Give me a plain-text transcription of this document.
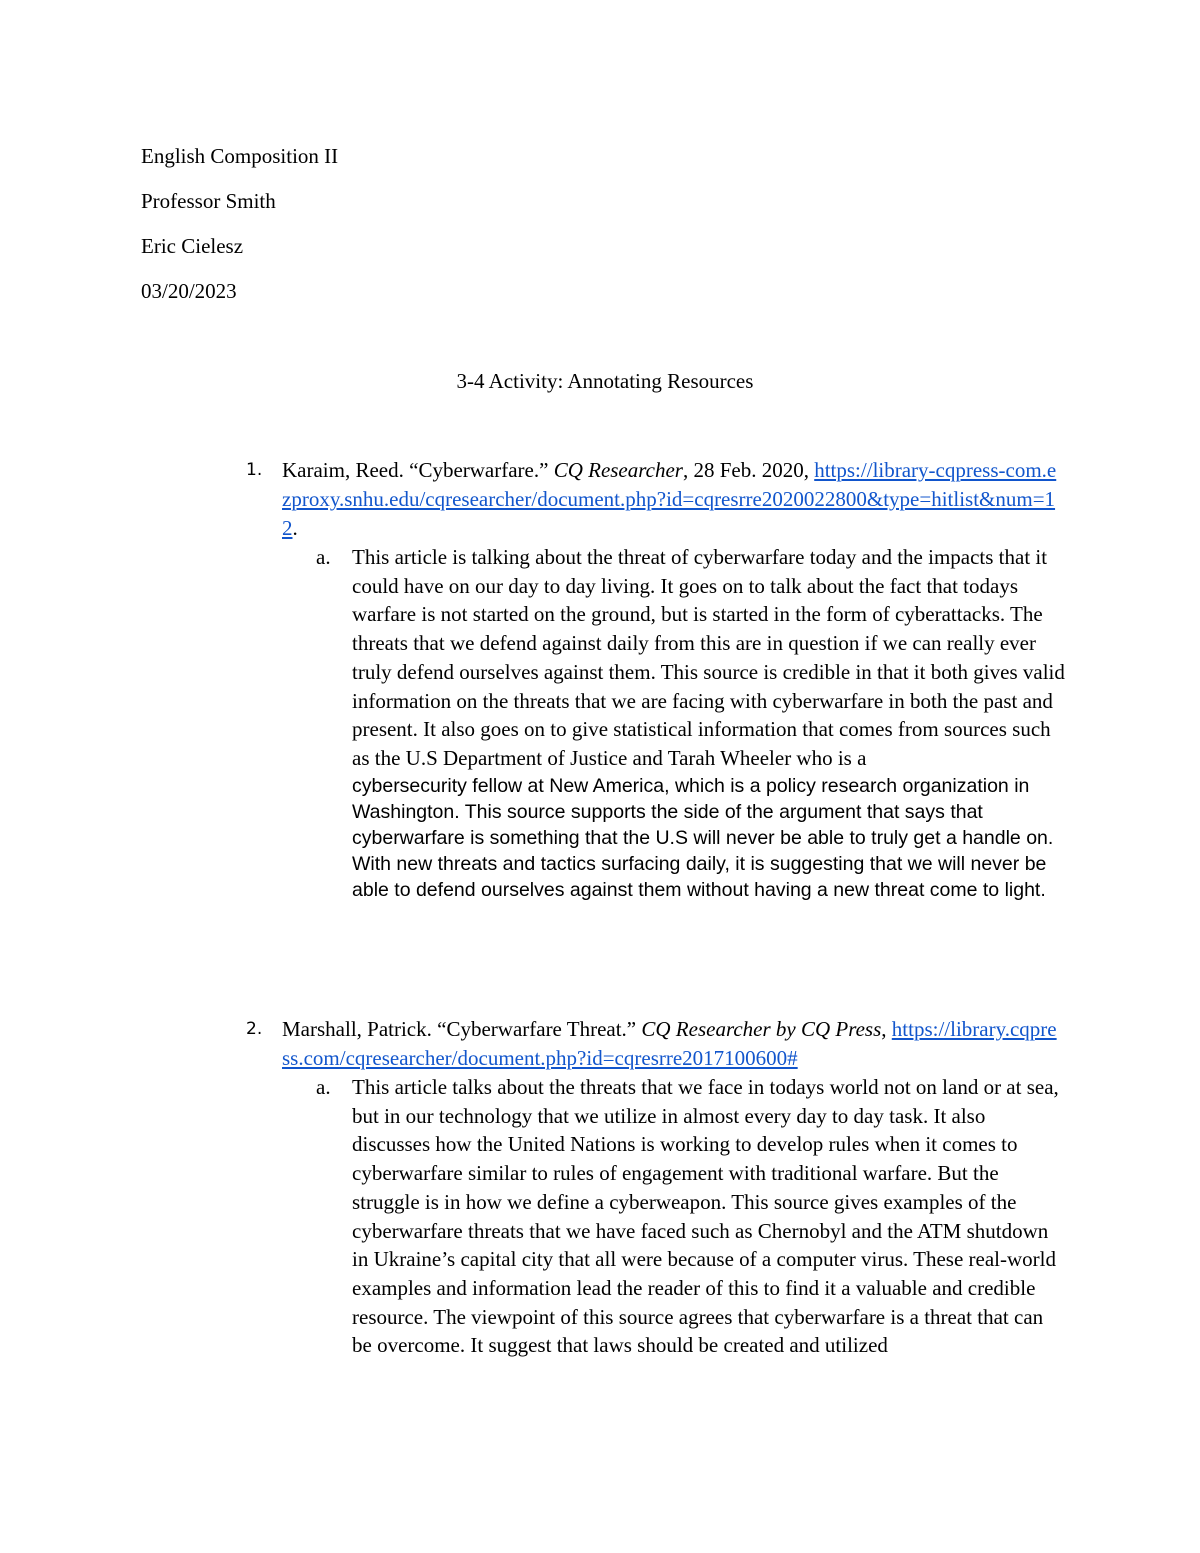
English Composition II
Professor Smith
Eric Cielesz
03/20/2023
3-4 Activity: Annotating Resources
1. Karaim, Reed. “Cyberwarfare.” CQ Researcher, 28 Feb. 2020, https://library-cqpress-com.ezproxy.snhu.edu/cqresearcher/document.php?id=cqresrre2020022800&type=hitlist&num=12.
a. This article is talking about the threat of cyberwarfare today and the impacts that it could have on our day to day living. It goes on to talk about the fact that todays warfare is not started on the ground, but is started in the form of cyberattacks. The threats that we defend against daily from this are in question if we can really ever truly defend ourselves against them. This source is credible in that it both gives valid information on the threats that we are facing with cyberwarfare in both the past and present. It also goes on to give statistical information that comes from sources such as the U.S Department of Justice and Tarah Wheeler who is a
cybersecurity fellow at New America, which is a policy research organization in Washington. This source supports the side of the argument that says that cyberwarfare is something that the U.S will never be able to truly get a handle on. With new threats and tactics surfacing daily, it is suggesting that we will never be able to defend ourselves against them without having a new threat come to light.
2. Marshall, Patrick. “Cyberwarfare Threat.” CQ Researcher by CQ Press, https://library.cqpress.com/cqresearcher/document.php?id=cqresrre2017100600#
a. This article talks about the threats that we face in todays world not on land or at sea, but in our technology that we utilize in almost every day to day task. It also discusses how the United Nations is working to develop rules when it comes to cyberwarfare similar to rules of engagement with traditional warfare. But the struggle is in how we define a cyberweapon. This source gives examples of the cyberwarfare threats that we have faced such as Chernobyl and the ATM shutdown in Ukraine’s capital city that all were because of a computer virus. These real-world examples and information lead the reader of this to find it a valuable and credible resource. The viewpoint of this source agrees that cyberwarfare is a threat that can be overcome. It suggest that laws should be created and utilized
